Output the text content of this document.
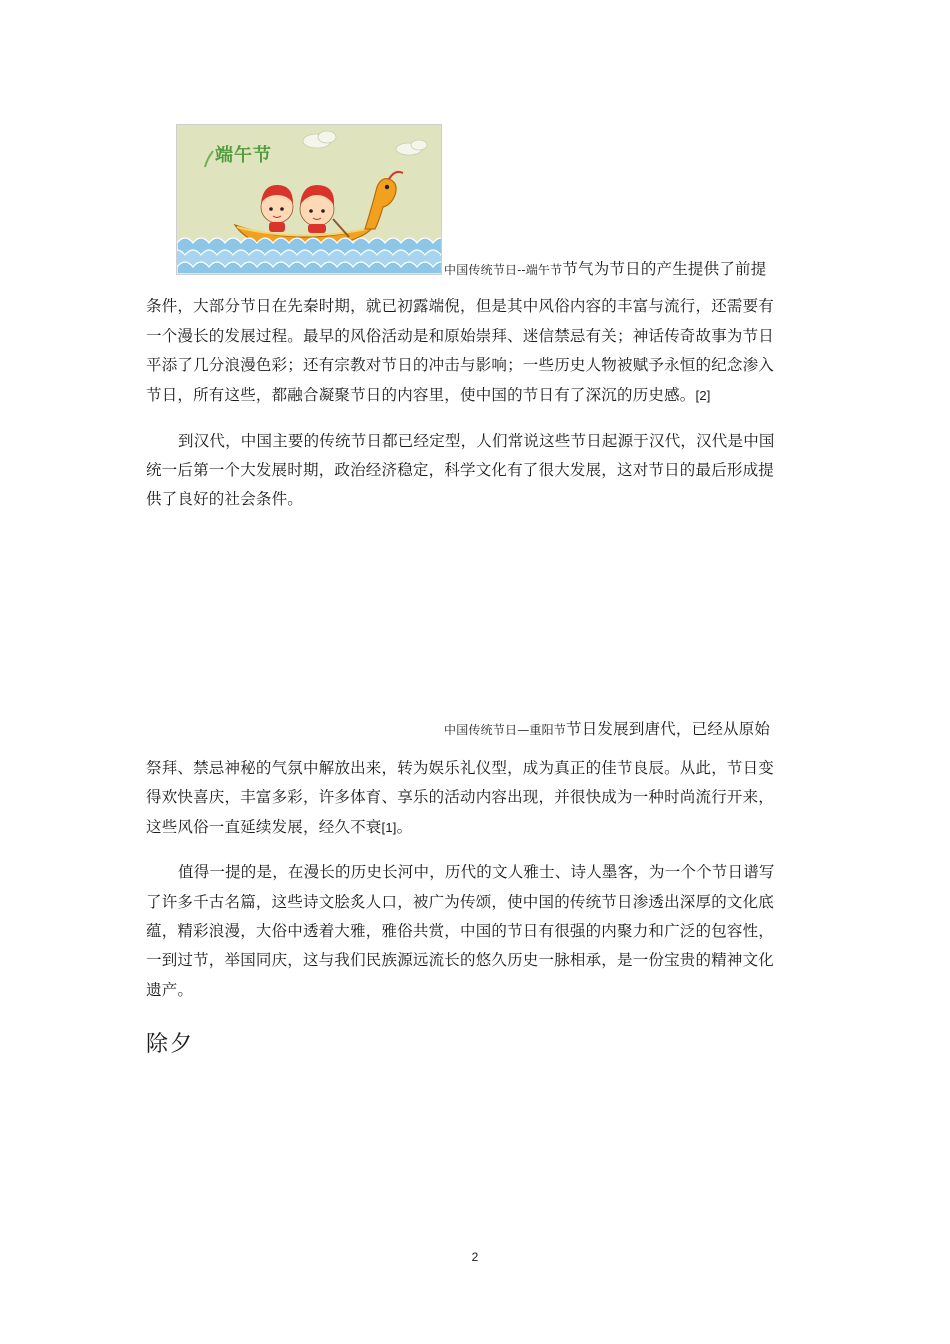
端午节
中国传统节日--端午节节气为节日的产生提供了前提
条件，大部分节日在先秦时期，就已初露端倪，但是其中风俗内容的丰富与流行，还需要有
一个漫长的发展过程。最早的风俗活动是和原始崇拜、迷信禁忌有关；神话传奇故事为节日
平添了几分浪漫色彩；还有宗教对节日的冲击与影响；一些历史人物被赋予永恒的纪念渗入
节日，所有这些，都融合凝聚节日的内容里，使中国的节日有了深沉的历史感。[2]
到汉代，中国主要的传统节日都已经定型，人们常说这些节日起源于汉代，汉代是中国
统一后第一个大发展时期，政治经济稳定，科学文化有了很大发展，这对节日的最后形成提
供了良好的社会条件。
中国传统节日—重阳节节日发展到唐代，已经从原始
祭拜、禁忌神秘的气氛中解放出来，转为娱乐礼仪型，成为真正的佳节良辰。从此，节日变
得欢快喜庆，丰富多彩，许多体育、享乐的活动内容出现，并很快成为一种时尚流行开来，
这些风俗一直延续发展，经久不衰[1]。
值得一提的是，在漫长的历史长河中，历代的文人雅士、诗人墨客，为一个个节日谱写
了许多千古名篇，这些诗文脍炙人口，被广为传颂，使中国的传统节日渗透出深厚的文化底
蕴，精彩浪漫，大俗中透着大雅，雅俗共赏，中国的节日有很强的内聚力和广泛的包容性，
一到过节，举国同庆，这与我们民族源远流长的悠久历史一脉相承，是一份宝贵的精神文化
遗产。
除夕
2
